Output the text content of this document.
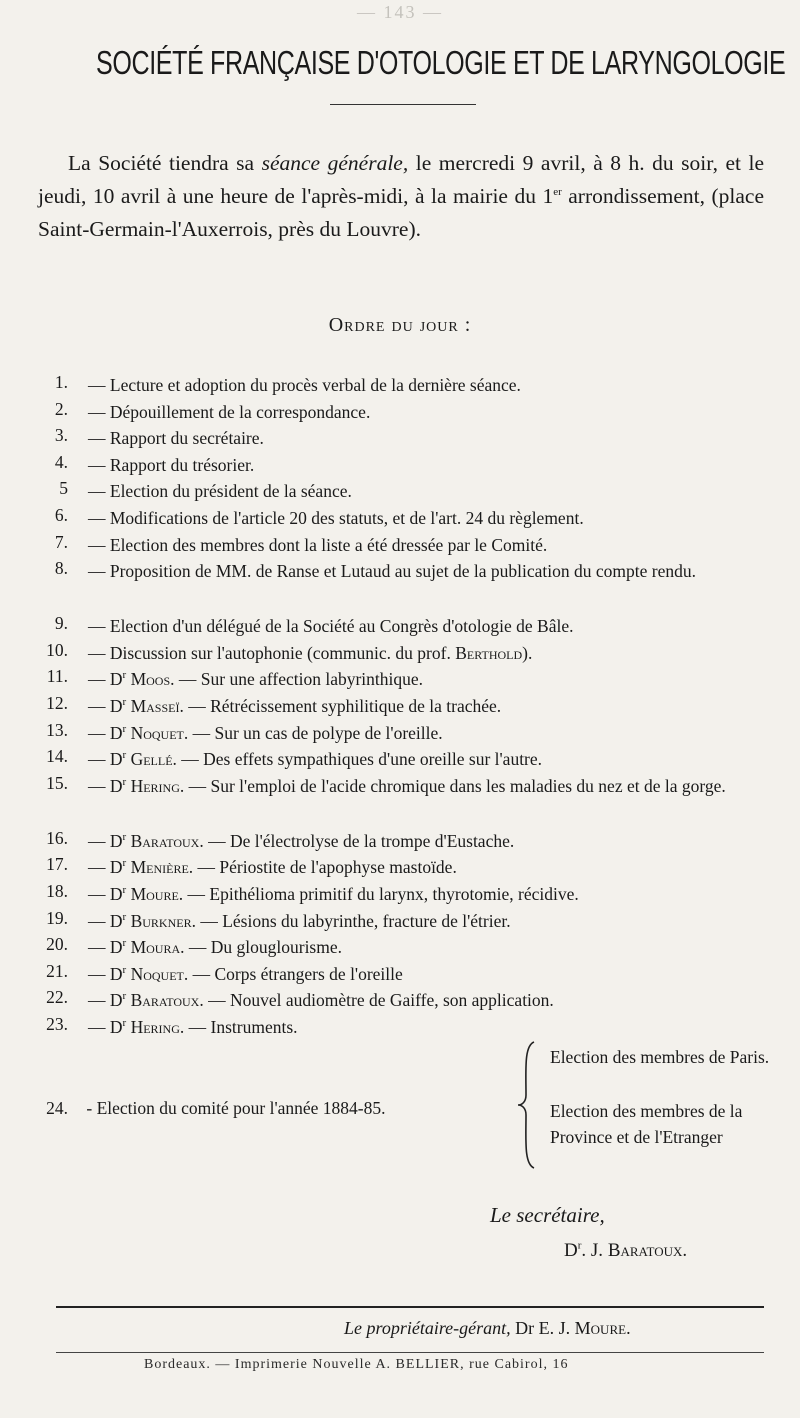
— 143 —
SOCIÉTÉ FRANÇAISE D'OTOLOGIE ET DE LARYNGOLOGIE

La Société tiendra sa séance générale, le mercredi 9 avril, à 8 h. du soir, et le jeudi, 10 avril à une heure de l'après-midi, à la mairie du 1er arrondissement, (place Saint-Germain-l'Auxerrois, près du Louvre).

Ordre du jour :
1. — Lecture et adoption du procès verbal de la dernière séance.
2. — Dépouillement de la correspondance.
3. — Rapport du secrétaire.
4. — Rapport du trésorier.
5 — Election du président de la séance.
6. — Modifications de l'article 20 des statuts, et de l'art. 24 du règlement.
7. — Election des membres dont la liste a été dressée par le Comité.
8. — Proposition de MM. de Ranse et Lutaud au sujet de la publication du compte rendu.
9. — Election d'un délégué de la Société au Congrès d'otologie de Bâle.
10. — Discussion sur l'autophonie (communic. du prof. Berthold).
11. — $D^r$ Moos. — Sur une affection labyrinthique.
12. — $D^r$ Masseï. — Rétrécissement syphilitique de la trachée.
13. — $D^r$ Noquet. — Sur un cas de polype de l'oreille.
14. — $D^r$ Gellé. — Des effets sympathiques d'une oreille sur l'autre.
15. — $D^r$ Hering. — Sur l'emploi de l'acide chromique dans les maladies du nez et de la gorge.
16. — $D^r$ Baratoux. — De l'électrolyse de la trompe d'Eustache.
17. — $D^r$ Menière. — Périostite de l'apophyse mastoïde.
18. — $D^r$ Moure. — Epithélioma primitif du larynx, thyrotomie, récidive.
19. — $D^r$ Burkner. — Lésions du labyrinthe, fracture de l'étrier.
20. — $D^r$ Moura. — Du glouglourisme.
21. — $D^r$ Noquet. — Corps étrangers de l'oreille
22. — $D^r$ Baratoux. — Nouvel audiomètre de Gaiffe, son application.
23. — $D^r$ Hering. — Instruments.
24. - Election du comité pour l'année 1884-85.
Election des membres de Paris.
Election des membres de la Province et de l'Etranger
Le secrétaire,
$D^r$. J. Baratoux.
Le propriétaire-gérant, Dr E. J. Moure.
Bordeaux. — Imprimerie Nouvelle A. BELLIER, rue Cabirol, 16
